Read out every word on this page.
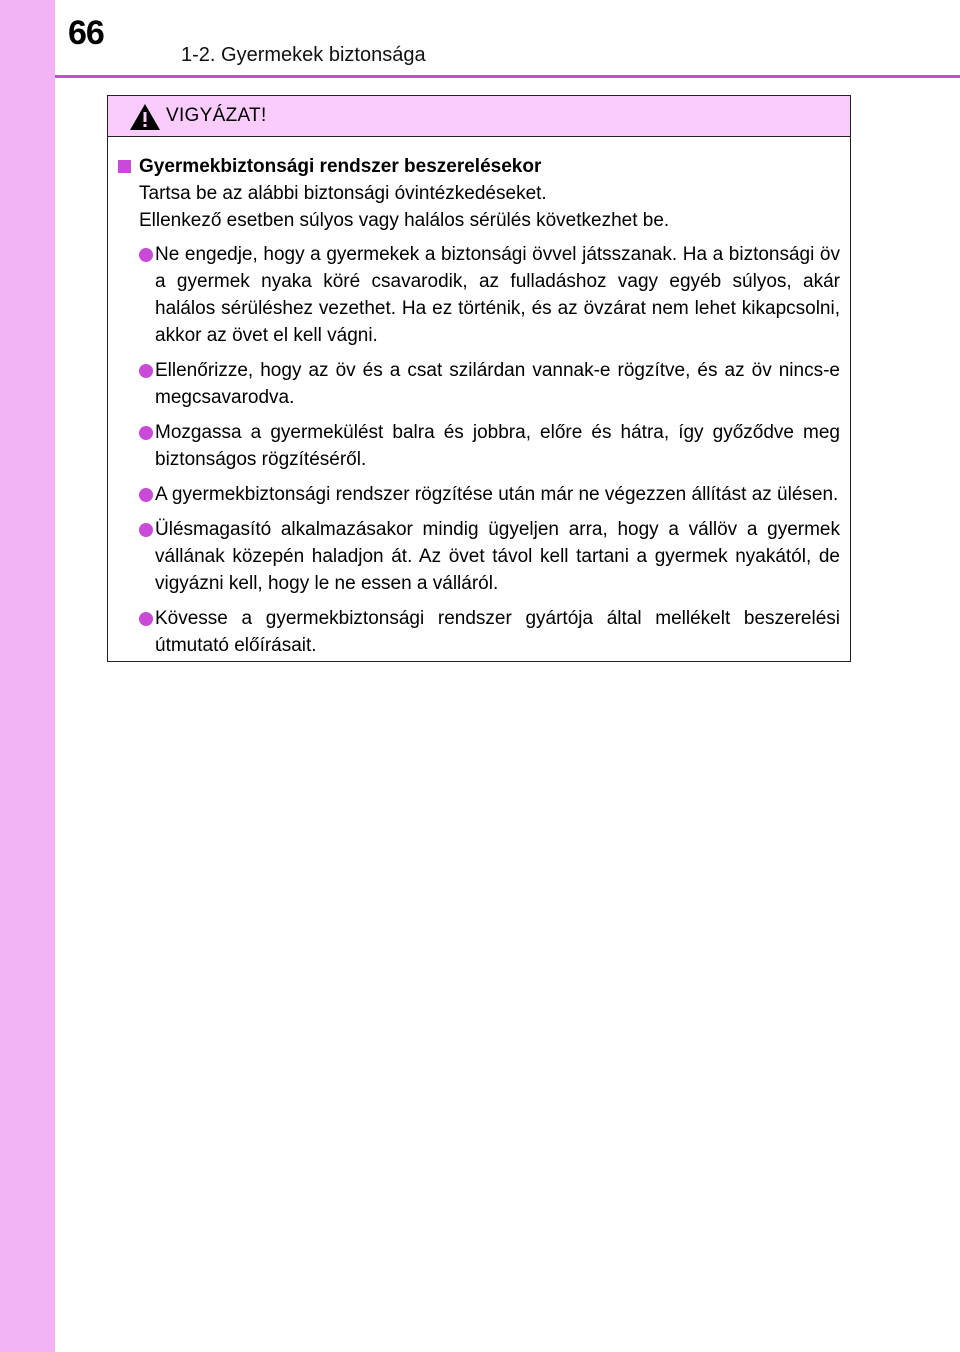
66
1-2. Gyermekek biztonsága
VIGYÁZAT!
Gyermekbiztonsági rendszer beszerelésekor
Tartsa be az alábbi biztonsági óvintézkedéseket.
Ellenkező esetben súlyos vagy halálos sérülés következhet be.
Ne engedje, hogy a gyermekek a biztonsági övvel játsszanak. Ha a biztonsági öv a gyermek nyaka köré csavarodik, az fulladáshoz vagy egyéb súlyos, akár halálos sérüléshez vezethet. Ha ez történik, és az övzárat nem lehet kikapcsolni, akkor az övet el kell vágni.
Ellenőrizze, hogy az öv és a csat szilárdan vannak-e rögzítve, és az öv nincs-e megcsavarodva.
Mozgassa a gyermekülést balra és jobbra, előre és hátra, így győződve meg biztonságos rögzítéséről.
A gyermekbiztonsági rendszer rögzítése után már ne végezzen állítást az ülésen.
Ülésmagasító alkalmazásakor mindig ügyeljen arra, hogy a vállöv a gyermek vállának közepén haladjon át. Az övet távol kell tartani a gyermek nyakától, de vigyázni kell, hogy le ne essen a válláról.
Kövesse a gyermekbiztonsági rendszer gyártója által mellékelt beszerelési útmutató előírásait.
